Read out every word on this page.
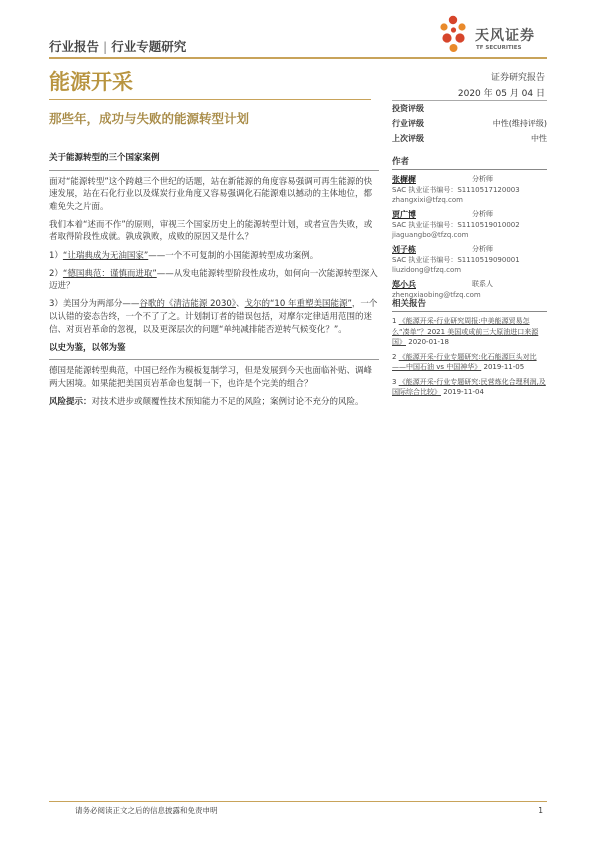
行业报告 | 行业专题研究
天风证券
TF SECURITIES
能源开采	证券研究报告
2020 年 05 月 04 日
那些年，成功与失败的能源转型计划
投资评级
行业评级	中性(维持评级)
上次评级	中性

关于能源转型的三个国家案例

面对“能源转型”这个跨越三个世纪的话题，站在新能源的角度容易强调可再生能源的快速发展，站在石化行业以及煤炭行业角度又容易强调化石能源难以撼动的主体地位，都难免失之片面。

我们本着“述而不作”的原则，审视三个国家历史上的能源转型计划，或者宣告失败，或者取得阶段性成就。孰成孰败，成败的原因又是什么？

1）“让瑞典成为无油国家”——一个不可复制的小国能源转型成功案例。

2）“德国典范：谨慎而进取”——从发电能源转型阶段性成功，如何向一次能源转型深入迈进？

3）美国分为两部分——谷歌的《清洁能源 2030》、戈尔的“10 年重塑美国能源”，一个以认错的姿态告终，一个不了了之。计划制订者的错误包括，对摩尔定律适用范围的迷信、对页岩革命的忽视，以及更深层次的问题“单纯减排能否逆转气候变化？”。

以史为鉴，以邻为鉴

德国是能源转型典范，中国已经作为模板复制学习，但是发展到今天也面临补贴、调峰两大困境。如果能把美国页岩革命也复制一下，也许是个完美的组合？

风险提示：对技术进步或颠覆性技术预知能力不足的风险；案例讨论不充分的风险。

作者
张樨樨	分析师
SAC 执业证书编号：S1110517120003
zhangxixi@tfzq.com
贾广博	分析师
SAC 执业证书编号：S1110519010002
jiaguangbo@tfzq.com
刘子栋	分析师
SAC 执业证书编号：S1110519090001
liuzidong@tfzq.com
郑小兵	联系人
zhengxiaobing@tfzq.com
相关报告
1 《能源开采-行业研究周报:中美能源贸易怎么“凑单”？2021 美国或成前三大原油进口来源国》 2020-01-18
2 《能源开采-行业专题研究:化石能源巨头对比——中国石油 vs 中国神华》 2019-11-05
3 《能源开采-行业专题研究:民营炼化合理利润,及国际综合比较》 2019-11-04
请务必阅读正文之后的信息披露和免责申明	1
